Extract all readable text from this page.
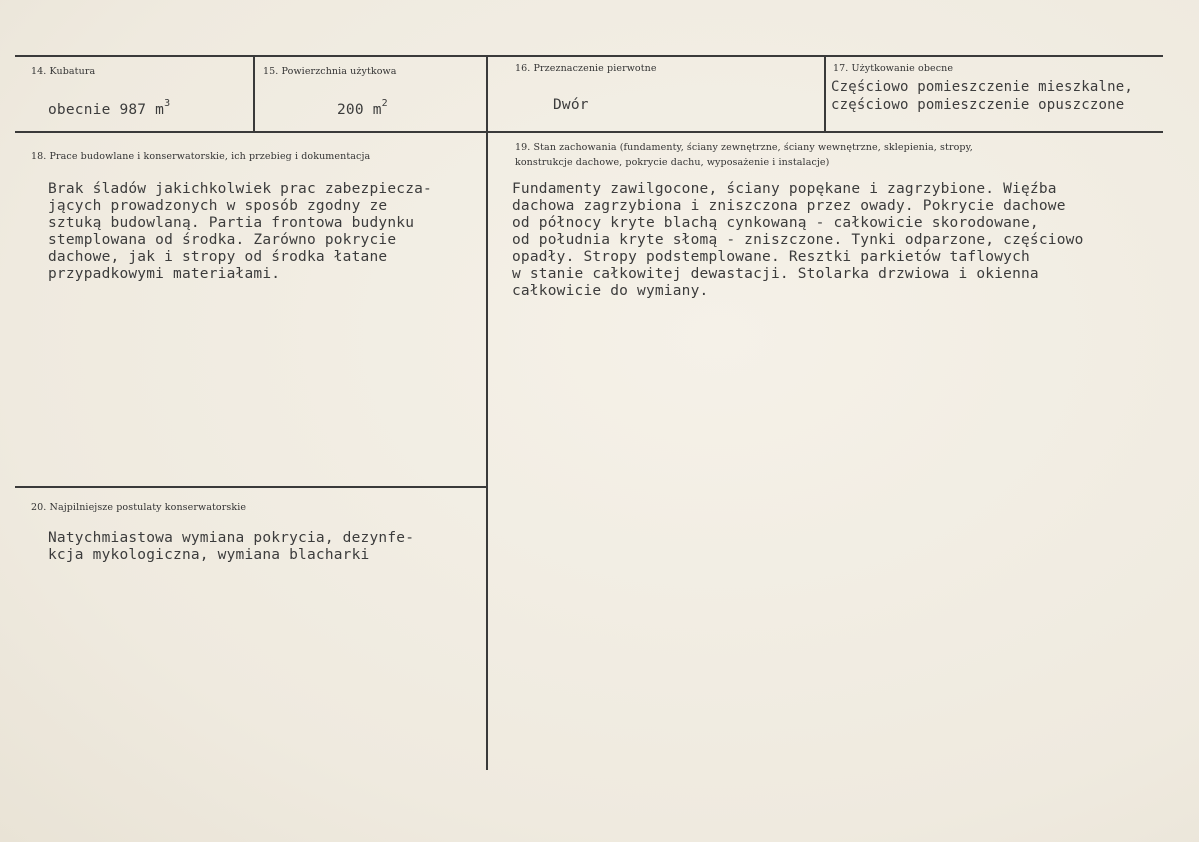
14. Kubatura
obecnie 987 $m^3$
15. Powierzchnia użytkowa
200 $m^2$
16. Przeznaczenie pierwotne
Dwór
17. Użytkowanie obecne
Częściowo pomieszczenie mieszkalne,
częściowo pomieszczenie opuszczone
18. Prace budowlane i konserwatorskie, ich przebieg i dokumentacja
Brak śladów jakichkolwiek prac zabezpiecza-
jących prowadzonych w sposób zgodny ze
sztuką budowlaną. Partia frontowa budynku
stemplowana od środka. Zarówno pokrycie
dachowe, jak i stropy od środka łatane
przypadkowymi materiałami.
19. Stan zachowania (fundamenty, ściany zewnętrzne, ściany wewnętrzne, sklepienia, stropy,
konstrukcje dachowe, pokrycie dachu, wyposażenie i instalacje)
Fundamenty zawilgocone, ściany popękane i zagrzybione. Więźba
dachowa zagrzybiona i zniszczona przez owady. Pokrycie dachowe
od północy kryte blachą cynkowaną - całkowicie skorodowane,
od południa kryte słomą - zniszczone. Tynki odparzone, częściowo
opadły. Stropy podstemplowane. Resztki parkietów taflowych
w stanie całkowitej dewastacji. Stolarka drzwiowa i okienna
całkowicie do wymiany.
20. Najpilniejsze postulaty konserwatorskie
Natychmiastowa wymiana pokrycia, dezynfe-
kcja mykologiczna, wymiana blacharki
